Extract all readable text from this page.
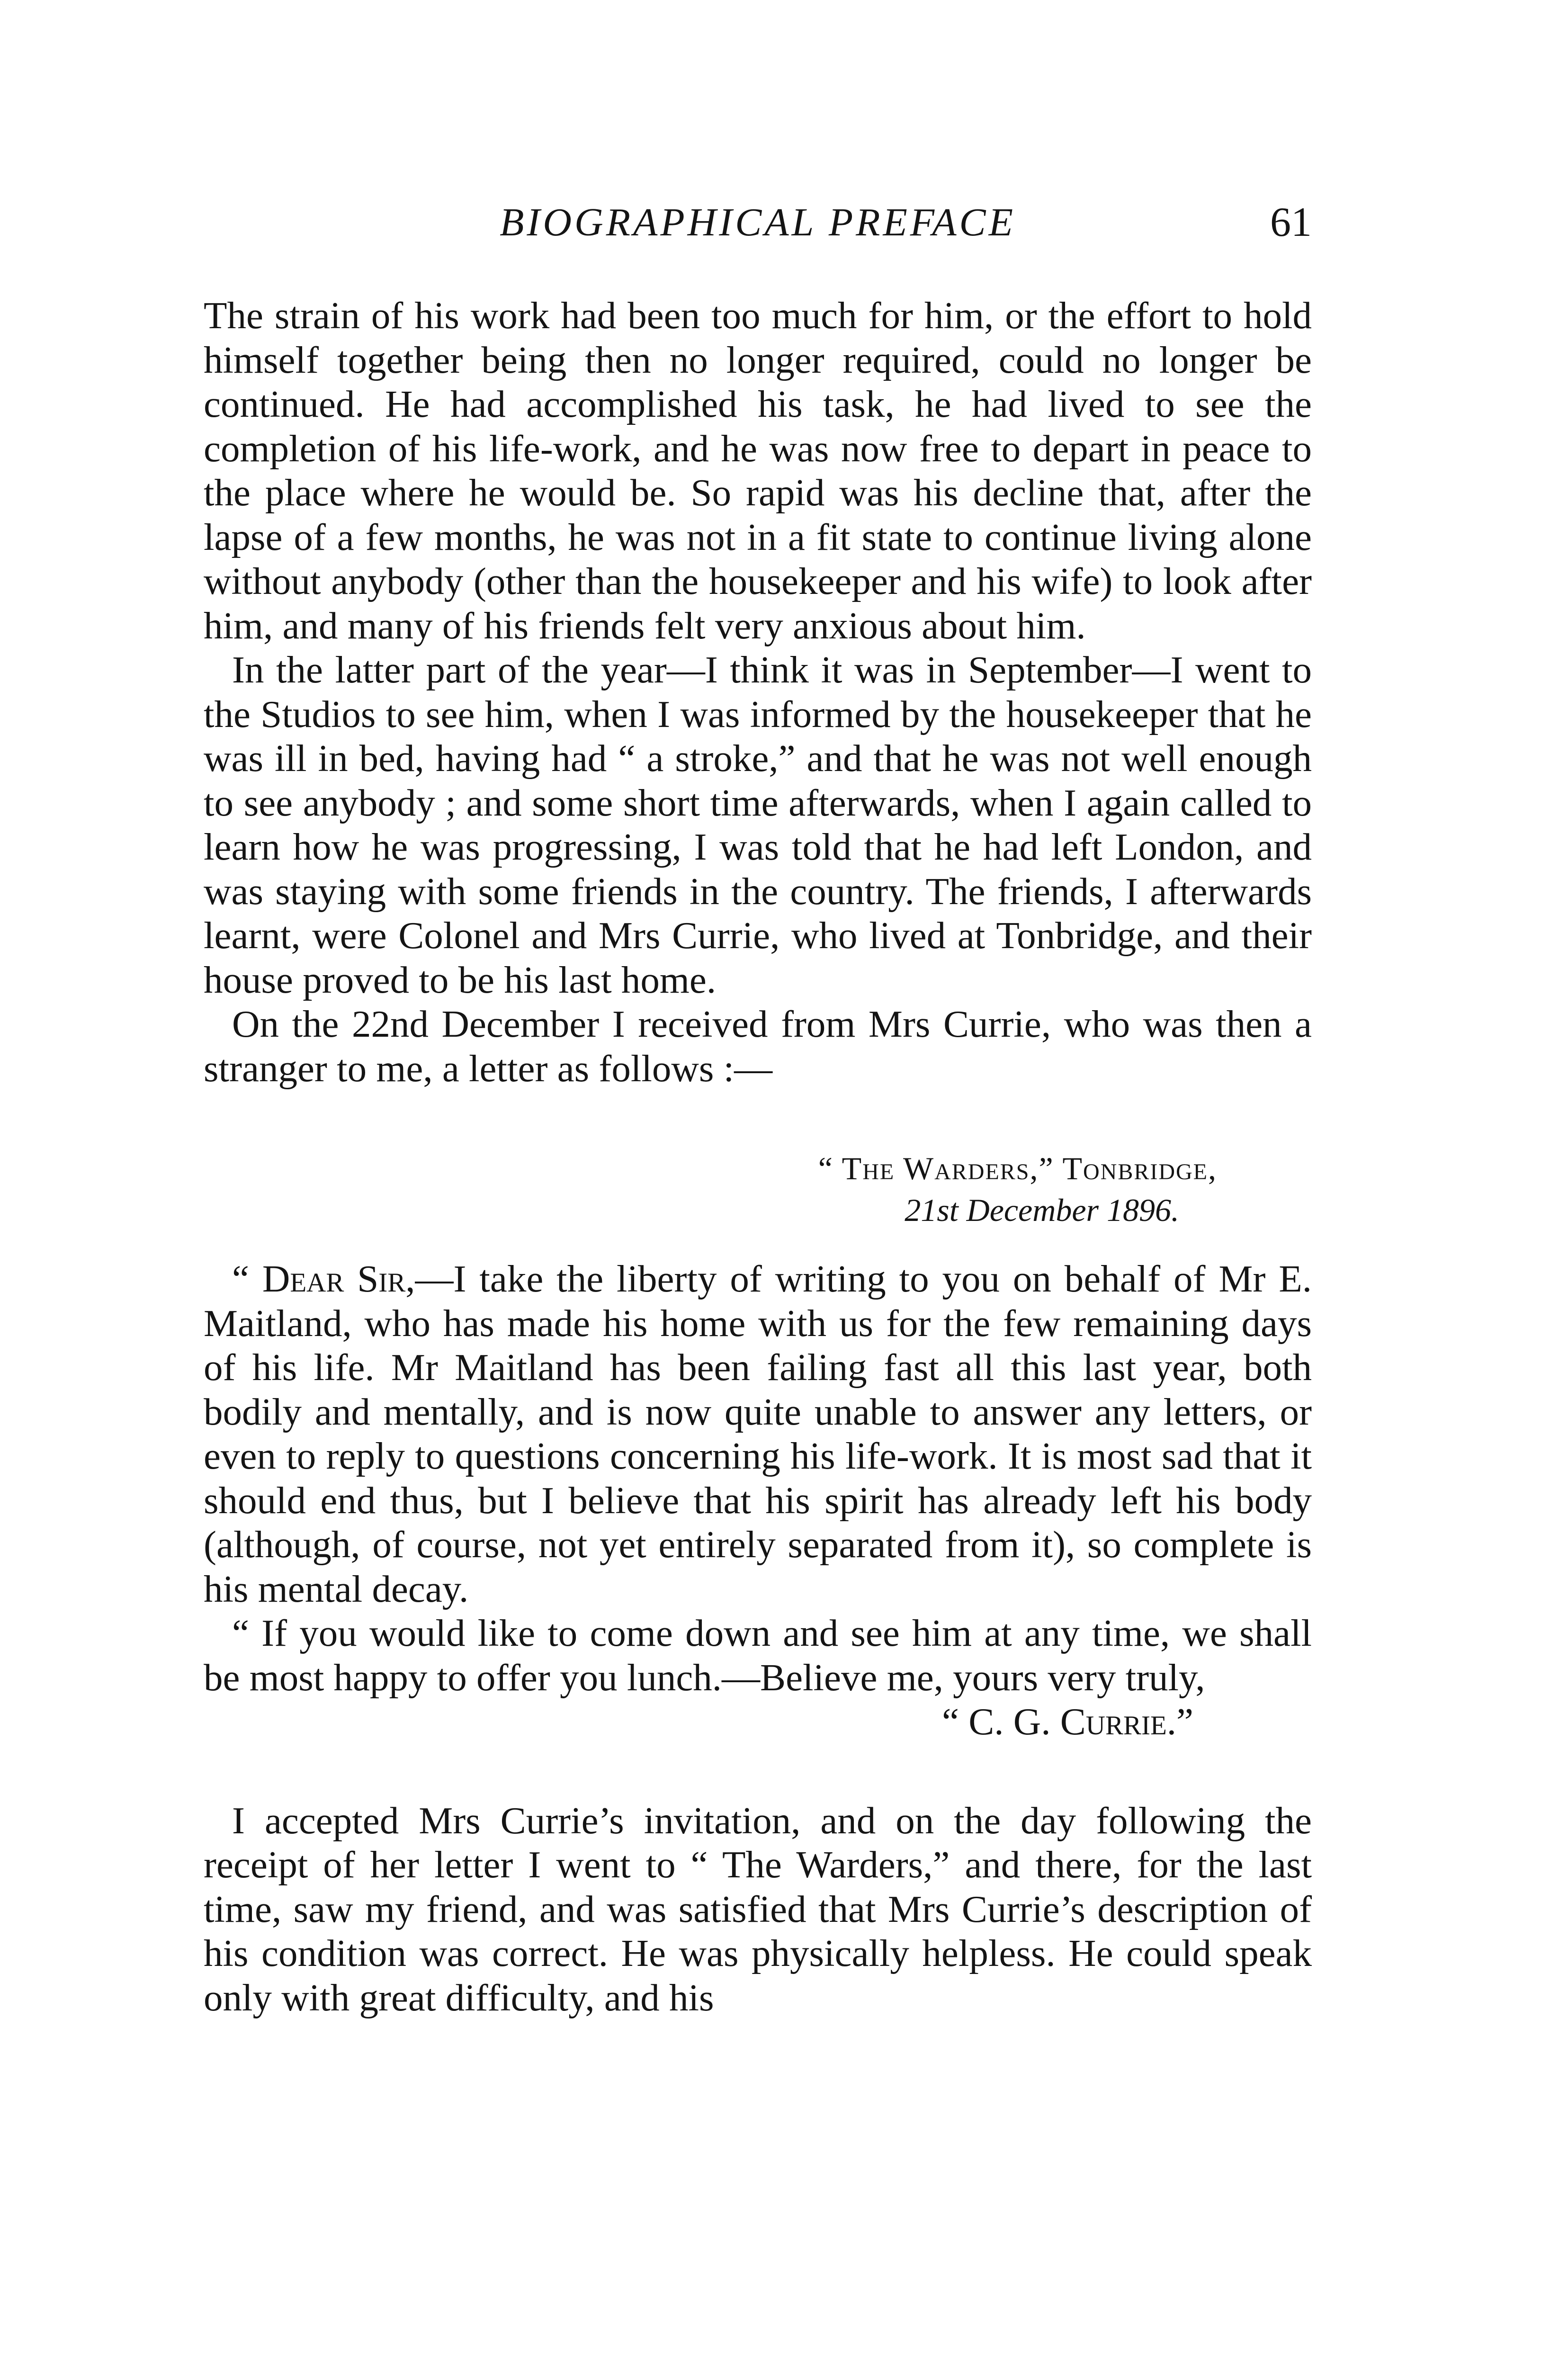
BIOGRAPHICAL PREFACE	61

The strain of his work had been too much for him, or the effort to hold himself together being then no longer required, could no longer be continued. He had accomplished his task, he had lived to see the completion of his life-work, and he was now free to depart in peace to the place where he would be. So rapid was his decline that, after the lapse of a few months, he was not in a fit state to continue living alone without anybody (other than the housekeeper and his wife) to look after him, and many of his friends felt very anxious about him.

In the latter part of the year—I think it was in September—I went to the Studios to see him, when I was informed by the housekeeper that he was ill in bed, having had “ a stroke,” and that he was not well enough to see anybody ; and some short time afterwards, when I again called to learn how he was progressing, I was told that he had left London, and was staying with some friends in the country. The friends, I afterwards learnt, were Colonel and Mrs Currie, who lived at Tonbridge, and their house proved to be his last home.

On the 22nd December I received from Mrs Currie, who was then a stranger to me, a letter as follows :—

“ The Warders,” Tonbridge,
21st December 1896.

“ Dear Sir,—I take the liberty of writing to you on behalf of Mr E. Maitland, who has made his home with us for the few remaining days of his life. Mr Maitland has been failing fast all this last year, both bodily and mentally, and is now quite unable to answer any letters, or even to reply to questions concerning his life-work. It is most sad that it should end thus, but I believe that his spirit has already left his body (although, of course, not yet entirely separated from it), so complete is his mental decay.

“ If you would like to come down and see him at any time, we shall be most happy to offer you lunch.—Believe me, yours very truly,

“ C. G. Currie.”

I accepted Mrs Currie’s invitation, and on the day following the receipt of her letter I went to “ The Warders,” and there, for the last time, saw my friend, and was satisfied that Mrs Currie’s description of his condition was correct. He was physically helpless. He could speak only with great difficulty, and his
